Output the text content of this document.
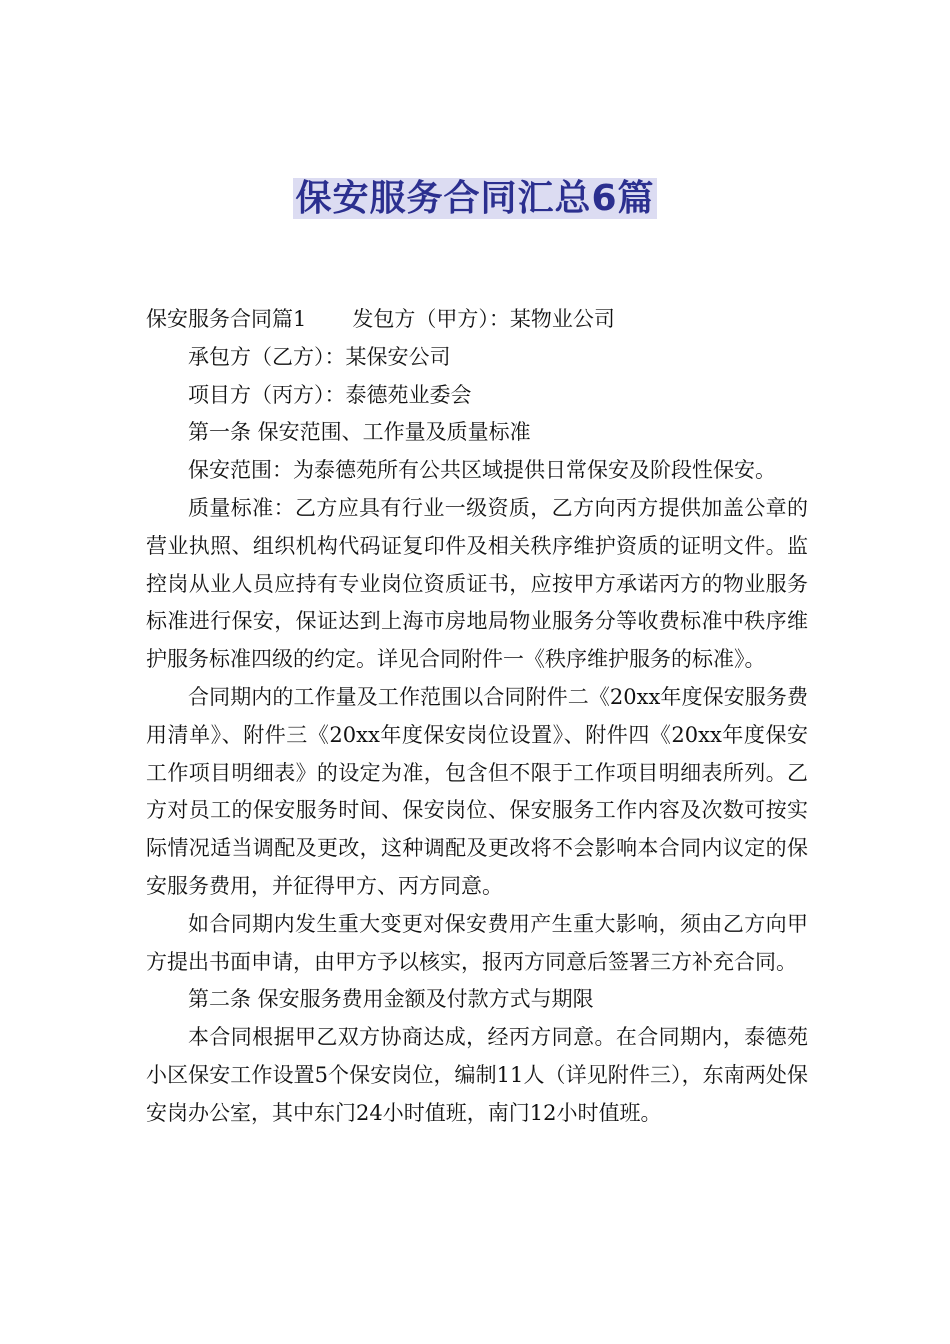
保安服务合同汇总6篇

保安服务合同篇1 发包方（甲方）：某物业公司

承包方（乙方）：某保安公司

项目方（丙方）：泰德苑业委会

第一条 保安范围、工作量及质量标准

保安范围：为泰德苑所有公共区域提供日常保安及阶段性保安。

质量标准：乙方应具有行业一级资质，乙方向丙方提供加盖公章的营业执照、组织机构代码证复印件及相关秩序维护资质的证明文件。监控岗从业人员应持有专业岗位资质证书，应按甲方承诺丙方的物业服务标准进行保安，保证达到上海市房地局物业服务分等收费标准中秩序维护服务标准四级的约定。详见合同附件一《秩序维护服务的标准》。

合同期内的工作量及工作范围以合同附件二《20xx年度保安服务费用清单》、附件三《20xx年度保安岗位设置》、附件四《20xx年度保安工作项目明细表》的设定为准，包含但不限于工作项目明细表所列。乙方对员工的保安服务时间、保安岗位、保安服务工作内容及次数可按实际情况适当调配及更改，这种调配及更改将不会影响本合同内议定的保安服务费用，并征得甲方、丙方同意。

如合同期内发生重大变更对保安费用产生重大影响，须由乙方向甲方提出书面申请，由甲方予以核实，报丙方同意后签署三方补充合同。

第二条 保安服务费用金额及付款方式与期限

本合同根据甲乙双方协商达成，经丙方同意。在合同期内，泰德苑小区保安工作设置5个保安岗位，编制11人（详见附件三），东南两处保安岗办公室，其中东门24小时值班，南门12小时值班。
